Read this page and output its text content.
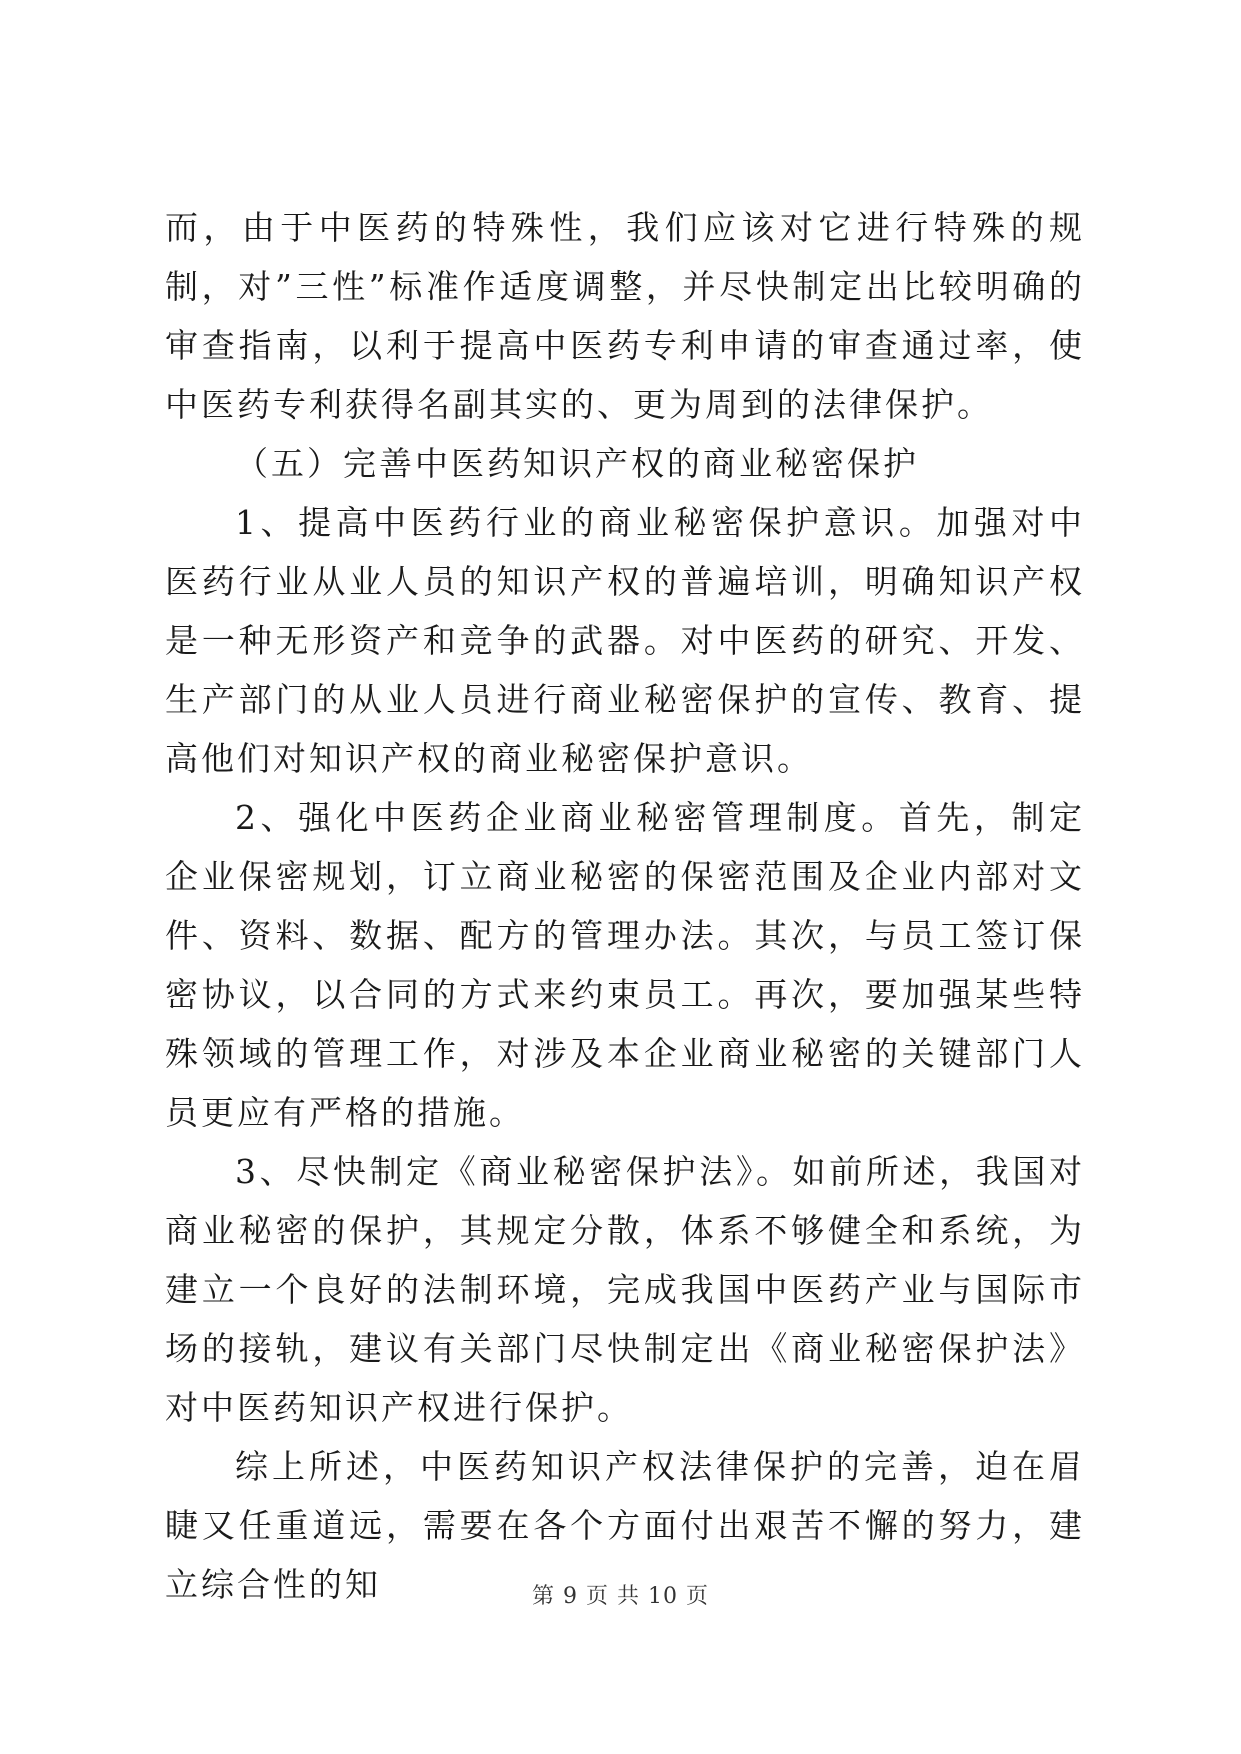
而，由于中医药的特殊性，我们应该对它进行特殊的规制，对”三性”标准作适度调整，并尽快制定出比较明确的审查指南，以利于提高中医药专利申请的审查通过率，使中医药专利获得名副其实的、更为周到的法律保护。

（五）完善中医药知识产权的商业秘密保护

1、提高中医药行业的商业秘密保护意识。加强对中医药行业从业人员的知识产权的普遍培训，明确知识产权是一种无形资产和竞争的武器。对中医药的研究、开发、生产部门的从业人员进行商业秘密保护的宣传、教育、提高他们对知识产权的商业秘密保护意识。

2、强化中医药企业商业秘密管理制度。首先，制定企业保密规划，订立商业秘密的保密范围及企业内部对文件、资料、数据、配方的管理办法。其次，与员工签订保密协议，以合同的方式来约束员工。再次，要加强某些特殊领域的管理工作，对涉及本企业商业秘密的关键部门人员更应有严格的措施。

3、尽快制定《商业秘密保护法》。如前所述，我国对商业秘密的保护，其规定分散，体系不够健全和系统，为建立一个良好的法制环境，完成我国中医药产业与国际市场的接轨，建议有关部门尽快制定出《商业秘密保护法》对中医药知识产权进行保护。

综上所述，中医药知识产权法律保护的完善，迫在眉睫又任重道远，需要在各个方面付出艰苦不懈的努力，建立综合性的知	第 9 页 共 10 页
